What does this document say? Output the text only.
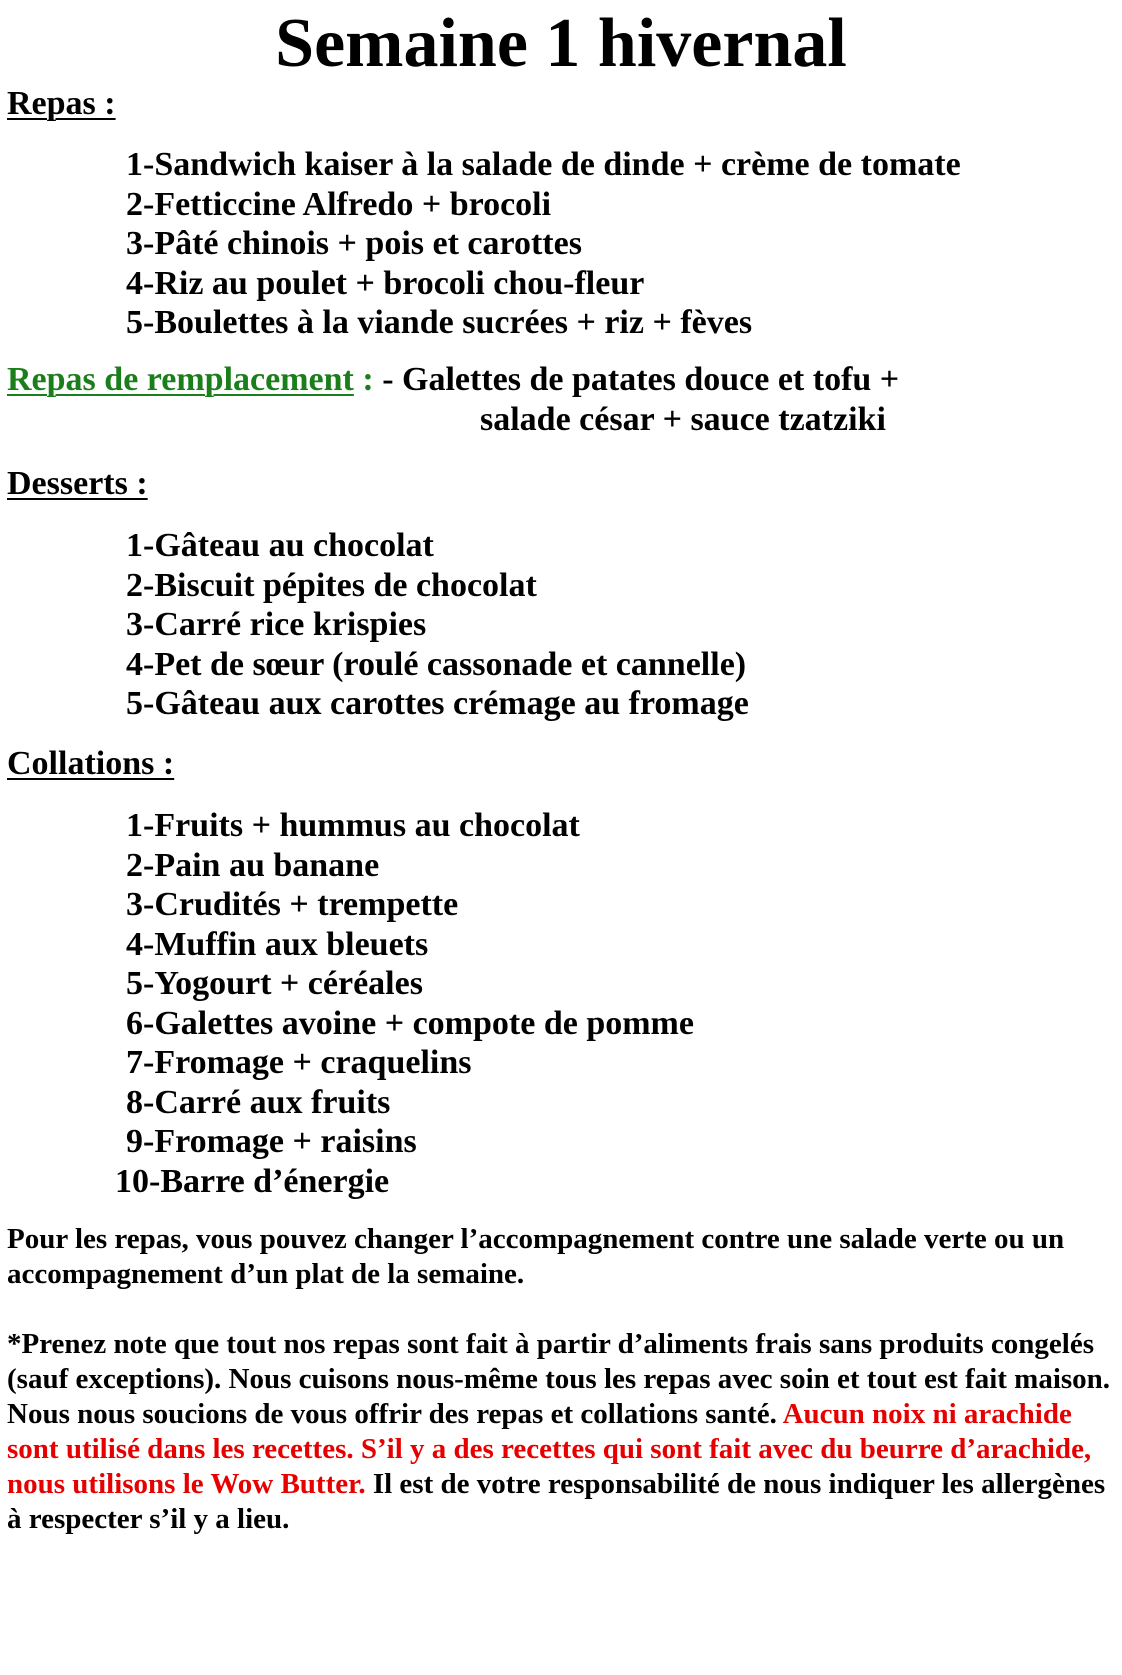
Semaine 1 hivernal
Repas :
1-Sandwich kaiser à la salade de dinde + crème de tomate
2-Fetticcine Alfredo + brocoli
3-Pâté chinois + pois et carottes
4-Riz au poulet + brocoli chou-fleur
5-Boulettes à la viande sucrées + riz + fèves
Repas de remplacement : - Galettes de patates douce et tofu +
salade césar + sauce tzatziki
Desserts :
1-Gâteau au chocolat
2-Biscuit pépites de chocolat
3-Carré rice krispies
4-Pet de sœur (roulé cassonade et cannelle)
5-Gâteau aux carottes crémage au fromage
Collations :
1-Fruits + hummus au chocolat
2-Pain au banane
3-Crudités + trempette
4-Muffin aux bleuets
5-Yogourt + céréales
6-Galettes avoine + compote de pomme
7-Fromage + craquelins
8-Carré aux fruits
9-Fromage + raisins
10-Barre d’énergie

Pour les repas, vous pouvez changer l’accompagnement contre une salade verte ou un accompagnement d’un plat de la semaine.

*Prenez note que tout nos repas sont fait à partir d’aliments frais sans produits congelés (sauf exceptions). Nous cuisons nous-même tous les repas avec soin et tout est fait maison. Nous nous soucions de vous offrir des repas et collations santé. Aucun noix ni arachide sont utilisé dans les recettes. S’il y a des recettes qui sont fait avec du beurre d’arachide, nous utilisons le Wow Butter. Il est de votre responsabilité de nous indiquer les allergènes à respecter s’il y a lieu.
